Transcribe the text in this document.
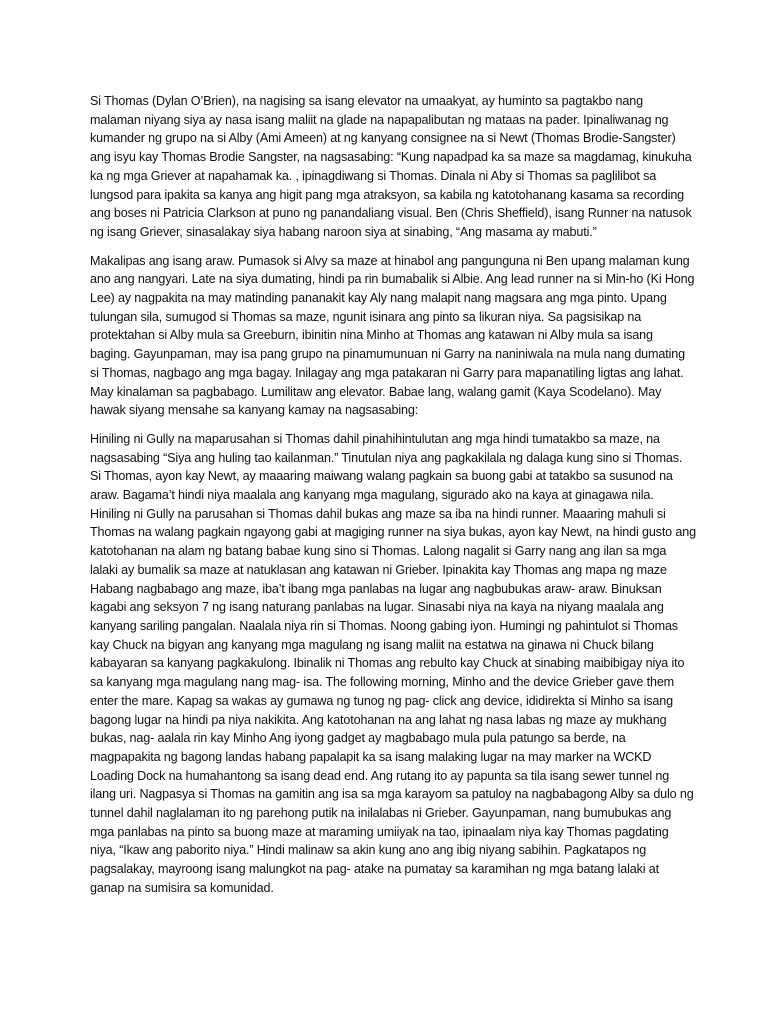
Si Thomas (Dylan O’Brien), na nagising sa isang elevator na umaakyat, ay huminto sa pagtakbo nang malaman niyang siya ay nasa isang maliit na glade na napapalibutan ng mataas na pader. Ipinaliwanag ng kumander ng grupo na si Alby (Ami Ameen) at ng kanyang consignee na si Newt (Thomas Brodie-Sangster) ang isyu kay Thomas Brodie Sangster, na nagsasabing: “Kung napadpad ka sa maze sa magdamag, kinukuha ka ng mga Griever at napahamak ka. , ipinagdiwang si Thomas. Dinala ni Aby si Thomas sa paglilibot sa lungsod para ipakita sa kanya ang higit pang mga atraksyon, sa kabila ng katotohanang kasama sa recording ang boses ni Patricia Clarkson at puno ng panandaliang visual. Ben (Chris Sheffield), isang Runner na natusok ng isang Griever, sinasalakay siya habang naroon siya at sinabing, “Ang masama ay mabuti.”

Makalipas ang isang araw. Pumasok si Alvy sa maze at hinabol ang pangunguna ni Ben upang malaman kung ano ang nangyari. Late na siya dumating, hindi pa rin bumabalik si Albie. Ang lead runner na si Min-ho (Ki Hong Lee) ay nagpakita na may matinding pananakit kay Aly nang malapit nang magsara ang mga pinto. Upang tulungan sila, sumugod si Thomas sa maze, ngunit isinara ang pinto sa likuran niya. Sa pagsisikap na protektahan si Alby mula sa Greeburn, ibinitin nina Minho at Thomas ang katawan ni Alby mula sa isang baging. Gayunpaman, may isa pang grupo na pinamumunuan ni Garry na naniniwala na mula nang dumating si Thomas, nagbago ang mga bagay. Inilagay ang mga patakaran ni Garry para mapanatiling ligtas ang lahat. May kinalaman sa pagbabago. Lumilitaw ang elevator. Babae lang, walang gamit (Kaya Scodelano). May hawak siyang mensahe sa kanyang kamay na nagsasabing:

Hiniling ni Gully na maparusahan si Thomas dahil pinahihintulutan ang mga hindi tumatakbo sa maze, na nagsasabing “Siya ang huling tao kailanman.” Tinutulan niya ang pagkakilala ng dalaga kung sino si Thomas. Si Thomas, ayon kay Newt, ay maaaring maiwang walang pagkain sa buong gabi at tatakbo sa susunod na araw. Bagama’t hindi niya maalala ang kanyang mga magulang, sigurado ako na kaya at ginagawa nila. Hiniling ni Gully na parusahan si Thomas dahil bukas ang maze sa iba na hindi runner. Maaaring mahuli si Thomas na walang pagkain ngayong gabi at magiging runner na siya bukas, ayon kay Newt, na hindi gusto ang katotohanan na alam ng batang babae kung sino si Thomas. Lalong nagalit si Garry nang ang ilan sa mga lalaki ay bumalik sa maze at natuklasan ang katawan ni Grieber. Ipinakita kay Thomas ang mapa ng maze Habang nagbabago ang maze, iba’t ibang mga panlabas na lugar ang nagbubukas araw- araw. Binuksan kagabi ang seksyon 7 ng isang naturang panlabas na lugar. Sinasabi niya na kaya na niyang maalala ang kanyang sariling pangalan. Naalala niya rin si Thomas. Noong gabing iyon. Humingi ng pahintulot si Thomas kay Chuck na bigyan ang kanyang mga magulang ng isang maliit na estatwa na ginawa ni Chuck bilang kabayaran sa kanyang pagkakulong. Ibinalik ni Thomas ang rebulto kay Chuck at sinabing maibibigay niya ito sa kanyang mga magulang nang mag- isa. The following morning, Minho and the device Grieber gave them enter the mare. Kapag sa wakas ay gumawa ng tunog ng pag- click ang device, ididirekta si Minho sa isang bagong lugar na hindi pa niya nakikita. Ang katotohanan na ang lahat ng nasa labas ng maze ay mukhang bukas, nag- aalala rin kay Minho Ang iyong gadget ay magbabago mula pula patungo sa berde, na magpapakita ng bagong landas habang papalapit ka sa isang malaking lugar na may marker na WCKD Loading Dock na humahantong sa isang dead end. Ang rutang ito ay papunta sa tila isang sewer tunnel ng ilang uri. Nagpasya si Thomas na gamitin ang isa sa mga karayom sa patuloy na nagbabagong Alby sa dulo ng tunnel dahil naglalaman ito ng parehong putik na inilalabas ni Grieber. Gayunpaman, nang bumubukas ang mga panlabas na pinto sa buong maze at maraming umiiyak na tao, ipinaalam niya kay Thomas pagdating niya, “Ikaw ang paborito niya.” Hindi malinaw sa akin kung ano ang ibig niyang sabihin. Pagkatapos ng pagsalakay, mayroong isang malungkot na pag- atake na pumatay sa karamihan ng mga batang lalaki at ganap na sumisira sa komunidad.
